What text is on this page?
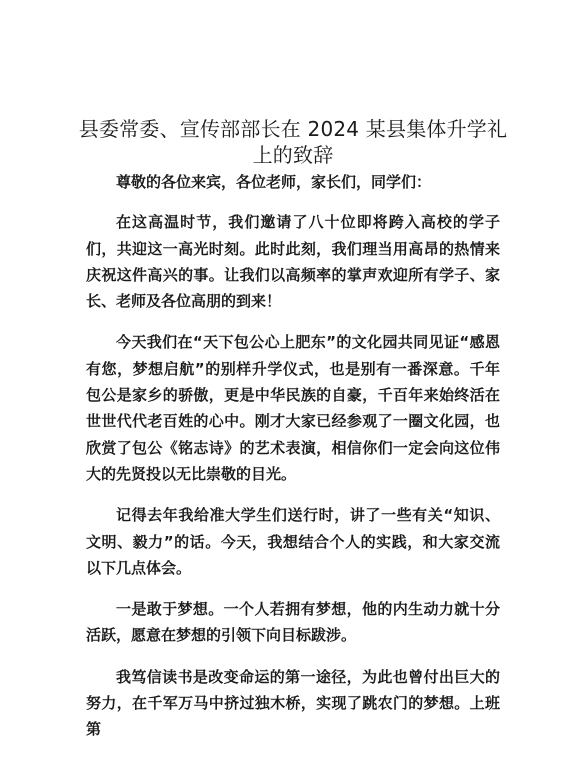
县委常委、宣传部部长在 2024 某县集体升学礼
上的致辞

尊敬的各位来宾，各位老师，家长们，同学们：

在这高温时节，我们邀请了八十位即将跨入高校的学子们，共迎这一高光时刻。此时此刻，我们理当用高昂的热情来庆祝这件高兴的事。让我们以高频率的掌声欢迎所有学子、家长、老师及各位高朋的到来！

今天我们在“天下包公心上肥东”的文化园共同见证“感恩有您，梦想启航”的别样升学仪式，也是别有一番深意。千年包公是家乡的骄傲，更是中华民族的自豪，千百年来始终活在世世代代老百姓的心中。刚才大家已经参观了一圈文化园，也欣赏了包公《铭志诗》的艺术表演，相信你们一定会向这位伟大的先贤投以无比崇敬的目光。

记得去年我给准大学生们送行时，讲了一些有关“知识、文明、毅力”的话。今天，我想结合个人的实践，和大家交流以下几点体会。

一是敢于梦想。一个人若拥有梦想，他的内生动力就十分活跃，愿意在梦想的引领下向目标跋涉。

我笃信读书是改变命运的第一途径，为此也曾付出巨大的努力，在千军万马中挤过独木桥，实现了跳农门的梦想。上班第
